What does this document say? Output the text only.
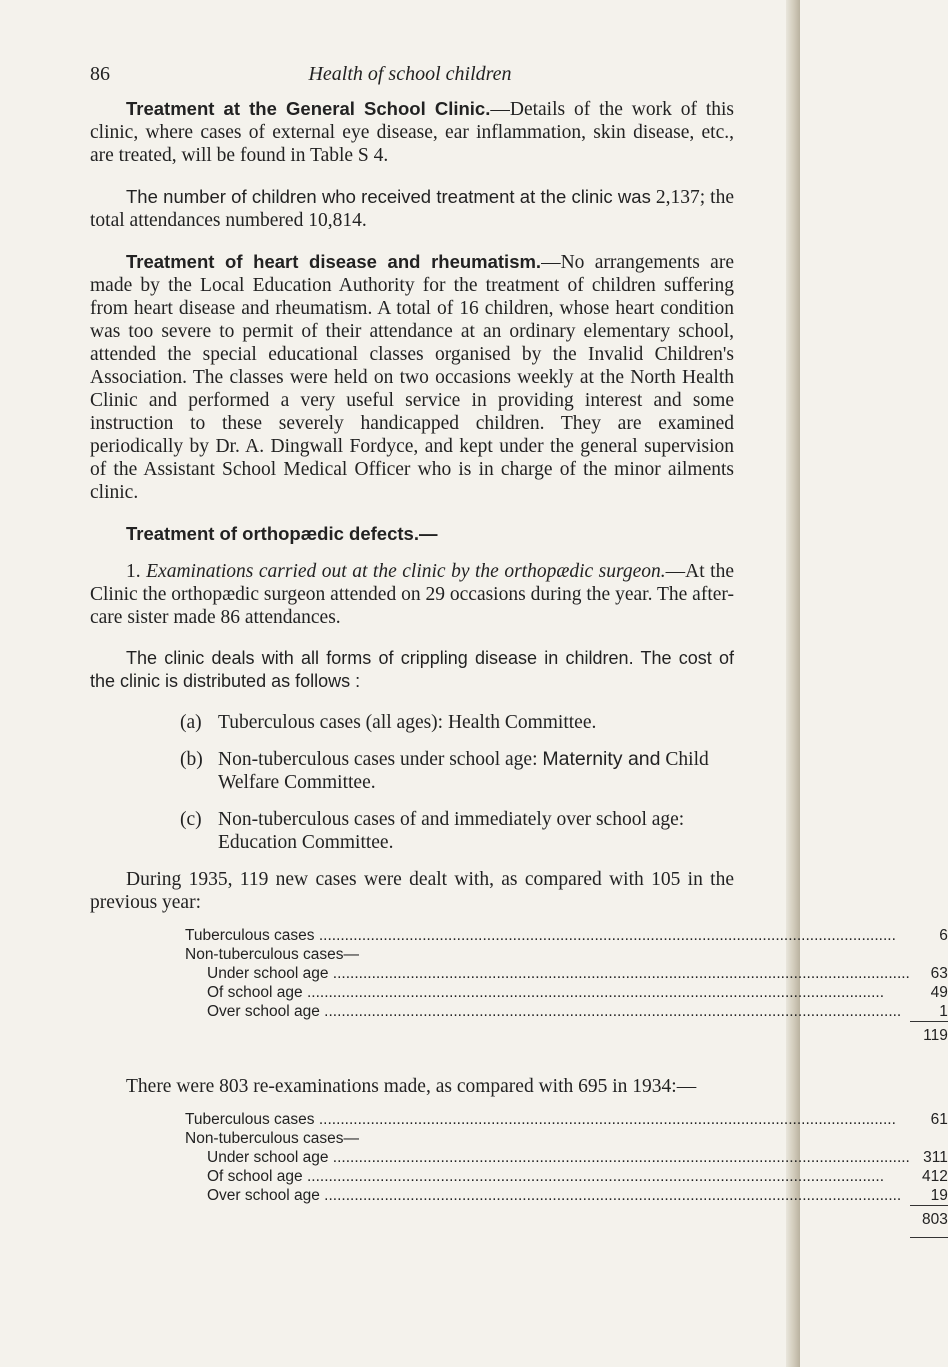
86	Health of school children

Treatment at the General School Clinic.—Details of the work of this clinic, where cases of external eye disease, ear inflammation, skin disease, etc., are treated, will be found in Table S 4.

The number of children who received treatment at the clinic was 2,137; the total attendances numbered 10,814.

Treatment of heart disease and rheumatism.—No arrangements are made by the Local Education Authority for the treatment of children suffering from heart disease and rheumatism. A total of 16 children, whose heart condition was too severe to permit of their attendance at an ordinary elementary school, attended the special educational classes organised by the Invalid Children's Association. The classes were held on two occasions weekly at the North Health Clinic and performed a very useful service in providing interest and some instruction to these severely handicapped children. They are examined periodically by Dr. A. Dingwall Fordyce, and kept under the general supervision of the Assistant School Medical Officer who is in charge of the minor ailments clinic.

Treatment of orthopædic defects.—

1. Examinations carried out at the clinic by the orthopædic surgeon.—At the Clinic the orthopædic surgeon attended on 29 occasions during the year. The after-care sister made 86 attendances.

The clinic deals with all forms of crippling disease in children. The cost of the clinic is distributed as follows :

(a) Tuberculous cases (all ages): Health Committee.

(b) Non-tuberculous cases under school age: Maternity and Child Welfare Committee.

(c) Non-tuberculous cases of and immediately over school age: Education Committee.

During 1935, 119 new cases were dealt with, as compared with 105 in the previous year:

Tuberculous cases .....	6
Non-tuberculous cases—	
Under school age .....	63
Of school age .....	49
Over school age .....	1
	119

There were 803 re-examinations made, as compared with 695 in 1934:—

Tuberculous cases .....	61
Non-tuberculous cases—	
Under school age .....	311
Of school age .....	412
Over school age .....	19
	803
